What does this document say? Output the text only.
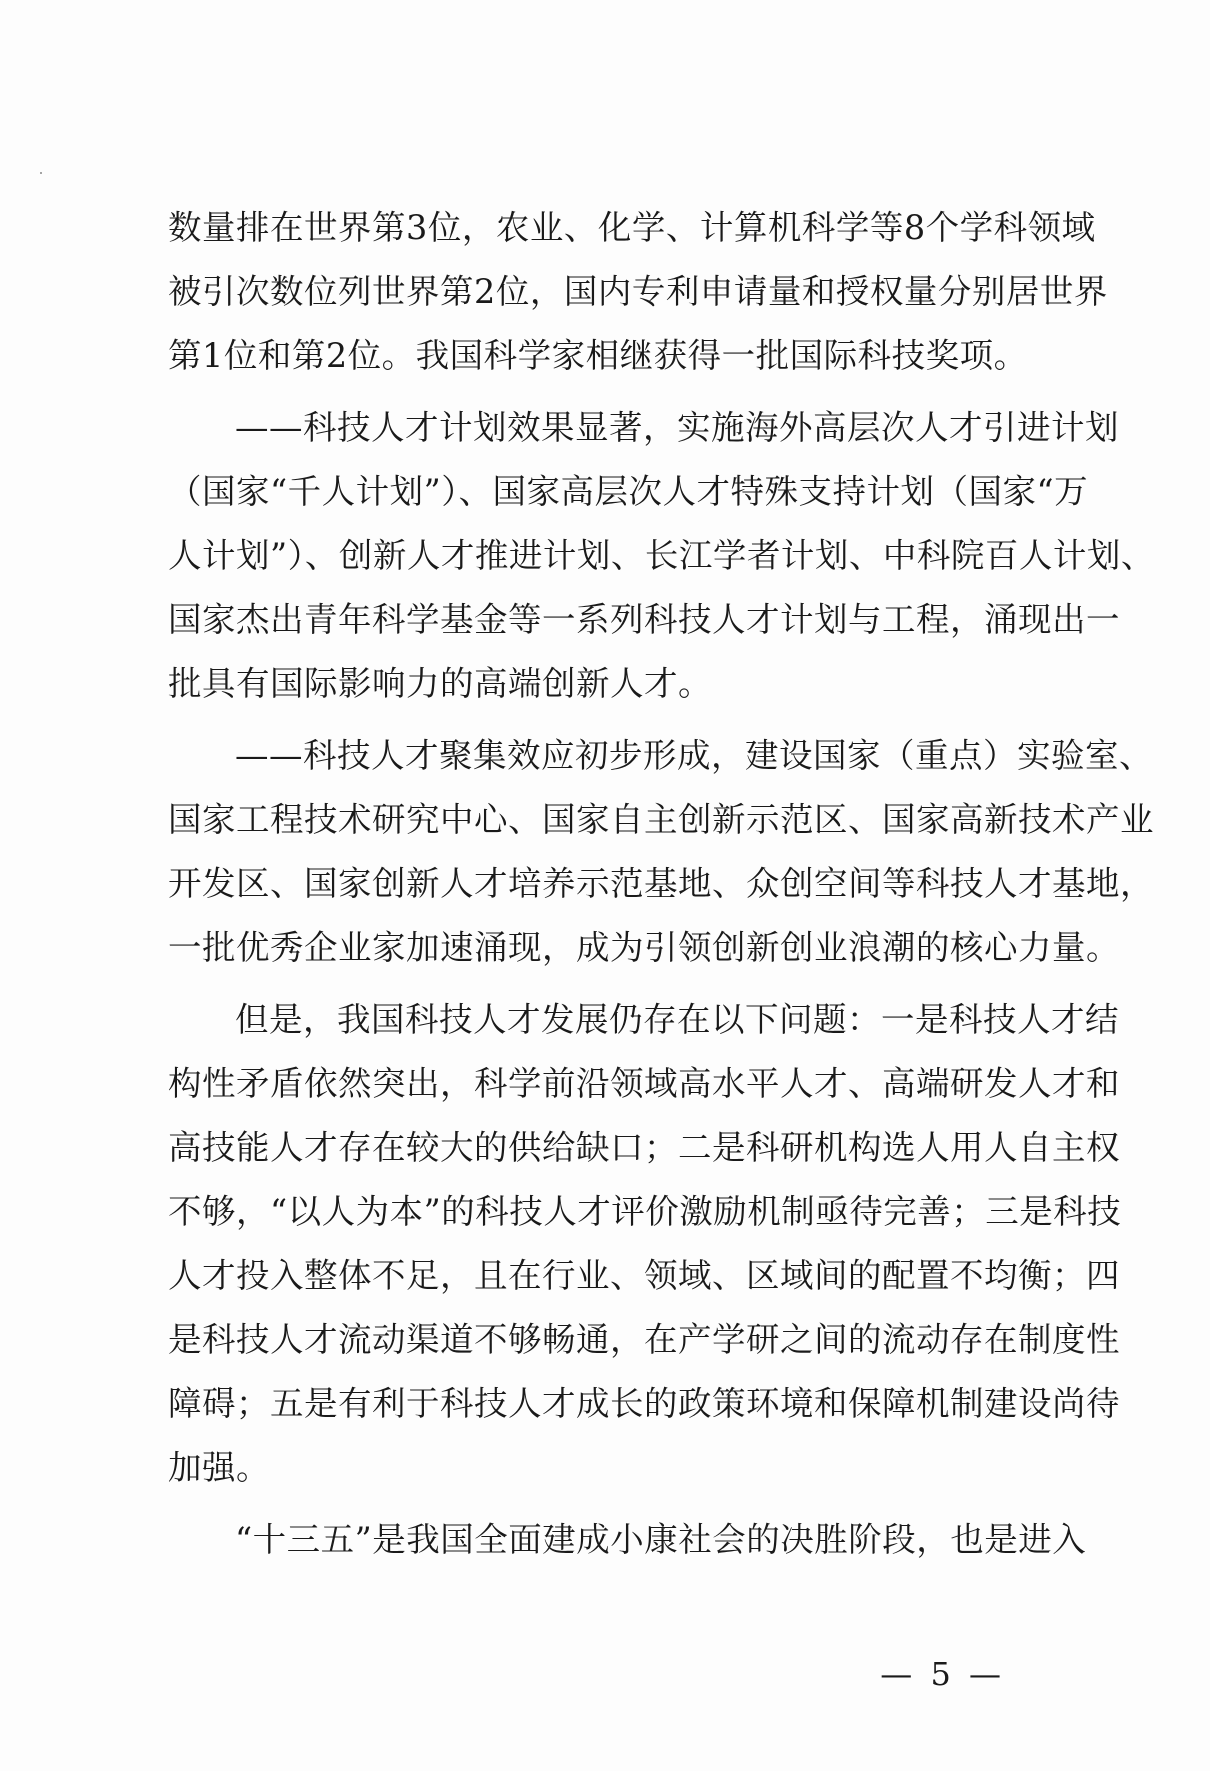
数量排在世界第3位，农业、化学、计算机科学等8个学科领域
被引次数位列世界第2位，国内专利申请量和授权量分别居世界
第1位和第2位。我国科学家相继获得一批国际科技奖项。
——科技人才计划效果显著，实施海外高层次人才引进计划
（国家“千人计划”）、国家高层次人才特殊支持计划（国家“万
人计划”）、创新人才推进计划、长江学者计划、中科院百人计划、
国家杰出青年科学基金等一系列科技人才计划与工程，涌现出一
批具有国际影响力的高端创新人才。
——科技人才聚集效应初步形成，建设国家（重点）实验室、
国家工程技术研究中心、国家自主创新示范区、国家高新技术产业
开发区、国家创新人才培养示范基地、众创空间等科技人才基地，
一批优秀企业家加速涌现，成为引领创新创业浪潮的核心力量。
但是，我国科技人才发展仍存在以下问题：一是科技人才结
构性矛盾依然突出，科学前沿领域高水平人才、高端研发人才和
高技能人才存在较大的供给缺口；二是科研机构选人用人自主权
不够，“以人为本”的科技人才评价激励机制亟待完善；三是科技
人才投入整体不足，且在行业、领域、区域间的配置不均衡；四
是科技人才流动渠道不够畅通，在产学研之间的流动存在制度性
障碍；五是有利于科技人才成长的政策环境和保障机制建设尚待
加强。
“十三五”是我国全面建成小康社会的决胜阶段，也是进入
— 5 —
